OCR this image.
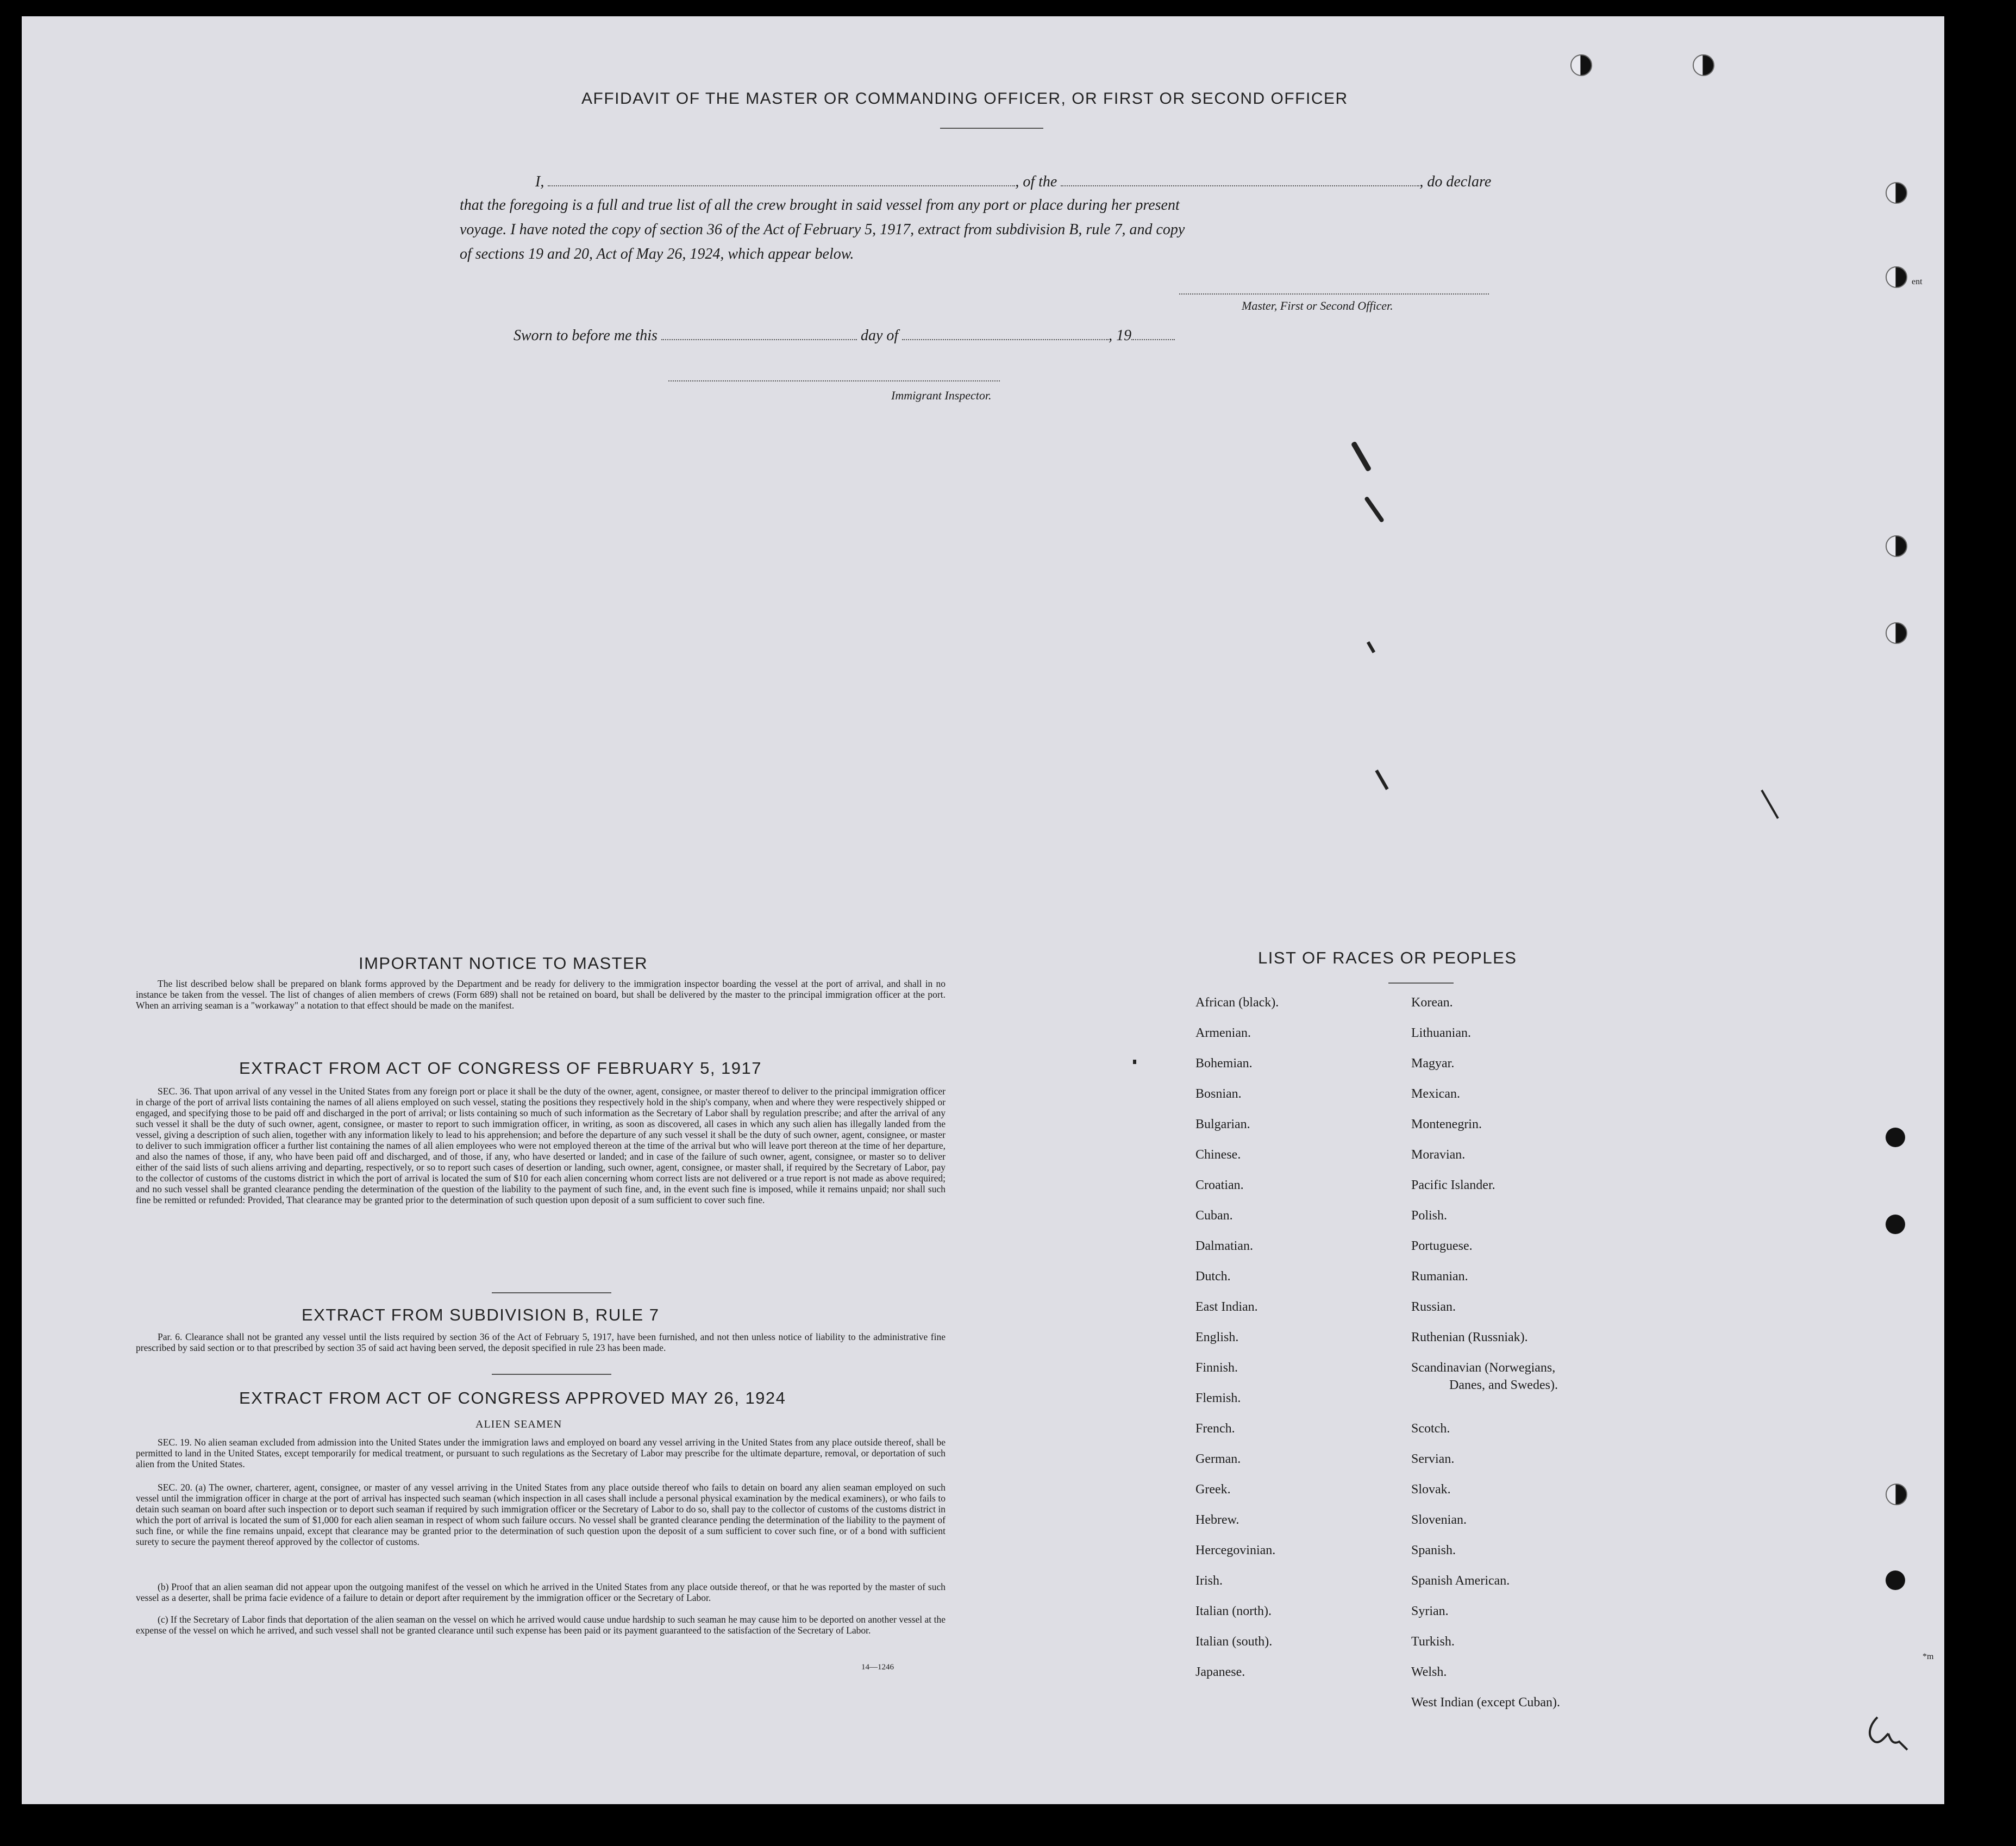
AFFIDAVIT OF THE MASTER OR COMMANDING OFFICER, OR FIRST OR SECOND OFFICER
I,	, of the	, do declare
that the foregoing is a full and true list of all the crew brought in said vessel from any port or place during her present
voyage. I have noted the copy of section 36 of the Act of February 5, 1917, extract from subdivision B, rule 7, and copy
of sections 19 and 20, Act of May 26, 1924, which appear below.
Master, First or Second Officer.
Sworn to before me this	day of	, 19
Immigrant Inspector.
IMPORTANT NOTICE TO MASTER
The list described below shall be prepared on blank forms approved by the Department and be ready for delivery to the immigration inspector boarding the vessel at the port of arrival, and shall in no instance be taken from the vessel. The list of changes of alien members of crews (Form 689) shall not be retained on board, but shall be delivered by the master to the principal immigration officer at the port. When an arriving seaman is a "workaway" a notation to that effect should be made on the manifest.
EXTRACT FROM ACT OF CONGRESS OF FEBRUARY 5, 1917
SEC. 36. That upon arrival of any vessel in the United States from any foreign port or place it shall be the duty of the owner, agent, consignee, or master thereof to deliver to the principal immigration officer in charge of the port of arrival lists containing the names of all aliens employed on such vessel, stating the positions they respectively hold in the ship's company, when and where they were respectively shipped or engaged, and specifying those to be paid off and discharged in the port of arrival; or lists containing so much of such information as the Secretary of Labor shall by regulation prescribe; and after the arrival of any such vessel it shall be the duty of such owner, agent, consignee, or master to report to such immigration officer, in writing, as soon as discovered, all cases in which any such alien has illegally landed from the vessel, giving a description of such alien, together with any information likely to lead to his apprehension; and before the departure of any such vessel it shall be the duty of such owner, agent, consignee, or master to deliver to such immigration officer a further list containing the names of all alien employees who were not employed thereon at the time of the arrival but who will leave port thereon at the time of her departure, and also the names of those, if any, who have been paid off and discharged, and of those, if any, who have deserted or landed; and in case of the failure of such owner, agent, consignee, or master so to deliver either of the said lists of such aliens arriving and departing, respectively, or so to report such cases of desertion or landing, such owner, agent, consignee, or master shall, if required by the Secretary of Labor, pay to the collector of customs of the customs district in which the port of arrival is located the sum of $10 for each alien concerning whom correct lists are not delivered or a true report is not made as above required; and no such vessel shall be granted clearance pending the determination of the question of the liability to the payment of such fine, and, in the event such fine is imposed, while it remains unpaid; nor shall such fine be remitted or refunded: Provided, That clearance may be granted prior to the determination of such question upon deposit of a sum sufficient to cover such fine.
EXTRACT FROM SUBDIVISION B, RULE 7
Par. 6. Clearance shall not be granted any vessel until the lists required by section 36 of the Act of February 5, 1917, have been furnished, and not then unless notice of liability to the administrative fine prescribed by said section or to that prescribed by section 35 of said act having been served, the deposit specified in rule 23 has been made.
EXTRACT FROM ACT OF CONGRESS APPROVED MAY 26, 1924
ALIEN SEAMEN
SEC. 19. No alien seaman excluded from admission into the United States under the immigration laws and employed on board any vessel arriving in the United States from any place outside thereof, shall be permitted to land in the United States, except temporarily for medical treatment, or pursuant to such regulations as the Secretary of Labor may prescribe for the ultimate departure, removal, or deportation of such alien from the United States.
SEC. 20. (a) The owner, charterer, agent, consignee, or master of any vessel arriving in the United States from any place outside thereof who fails to detain on board any alien seaman employed on such vessel until the immigration officer in charge at the port of arrival has inspected such seaman (which inspection in all cases shall include a personal physical examination by the medical examiners), or who fails to detain such seaman on board after such inspection or to deport such seaman if required by such immigration officer or the Secretary of Labor to do so, shall pay to the collector of customs of the customs district in which the port of arrival is located the sum of $1,000 for each alien seaman in respect of whom such failure occurs. No vessel shall be granted clearance pending the determination of the liability to the payment of such fine, or while the fine remains unpaid, except that clearance may be granted prior to the determination of such question upon the deposit of a sum sufficient to cover such fine, or of a bond with sufficient surety to secure the payment thereof approved by the collector of customs.
(b) Proof that an alien seaman did not appear upon the outgoing manifest of the vessel on which he arrived in the United States from any place outside thereof, or that he was reported by the master of such vessel as a deserter, shall be prima facie evidence of a failure to detain or deport after requirement by the immigration officer or the Secretary of Labor.
(c) If the Secretary of Labor finds that deportation of the alien seaman on the vessel on which he arrived would cause undue hardship to such seaman he may cause him to be deported on another vessel at the expense of the vessel on which he arrived, and such vessel shall not be granted clearance until such expense has been paid or its payment guaranteed to the satisfaction of the Secretary of Labor.
14—1246
LIST OF RACES OR PEOPLES
African (black).
Armenian.
Bohemian.
Bosnian.
Bulgarian.
Chinese.
Croatian.
Cuban.
Dalmatian.
Dutch.
East Indian.
English.
Finnish.
Flemish.
French.
German.
Greek.
Hebrew.
Hercegovinian.
Irish.
Italian (north).
Italian (south).
Japanese.
Korean.
Lithuanian.
Magyar.
Mexican.
Montenegrin.
Moravian.
Pacific Islander.
Polish.
Portuguese.
Rumanian.
Russian.
Ruthenian (Russniak).
Scandinavian (Norwegians,
Danes, and Swedes).
Scotch.
Servian.
Slovak.
Slovenian.
Spanish.
Spanish American.
Syrian.
Turkish.
Welsh.
West Indian (except Cuban).
ent
*m
